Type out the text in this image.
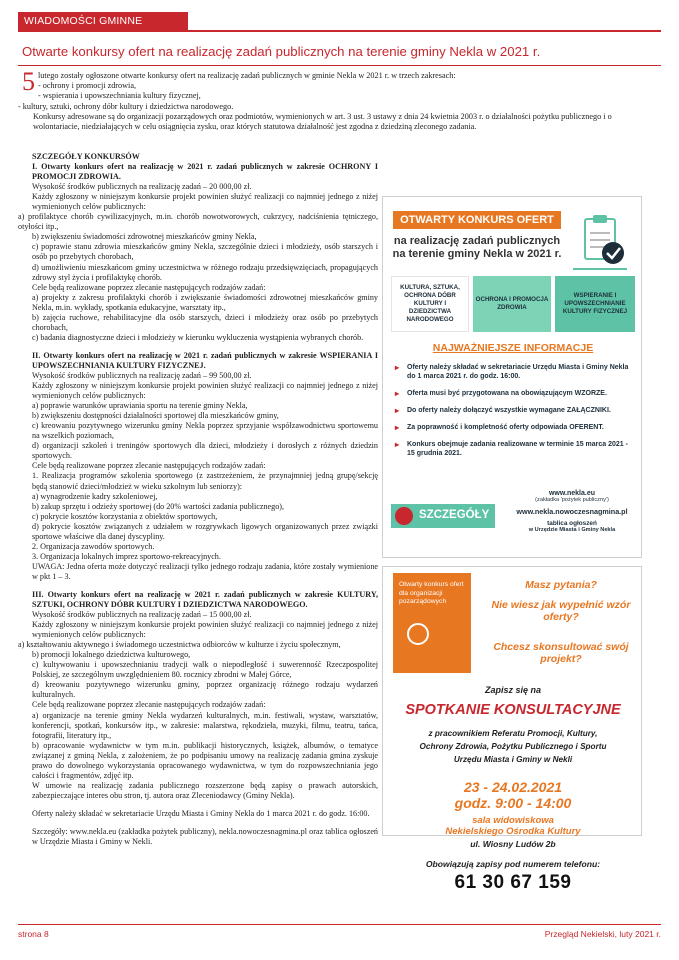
WIADOMOŚCI GMINNE
Otwarte konkursy ofert na realizację zadań publicznych na terenie gminy Nekla w 2021 r.
5 lutego zostały ogłoszone otwarte konkursy ofert na realizację zadań publicznych w gminie Nekla w 2021 r. w trzech zakresach:
- ochrony i promocji zdrowia,
- wspierania i upowszechniania kultury fizycznej,
- kultury, sztuki, ochrony dóbr kultury i dziedzictwa narodowego.
Konkursy adresowane są do organizacji pozarządowych oraz podmiotów, wymienionych w art. 3 ust. 3 ustawy z dnia 24 kwietnia 2003 r. o działalności pożytku publicznego i o wolontariacie, niedziałających w celu osiągnięcia zysku, oraz których statutowa działalność jest zgodna z dziedziną zleconego zadania.
SZCZEGÓŁY KONKURSÓW
I. Otwarty konkurs ofert na realizację w 2021 r. zadań publicznych w zakresie OCHRONY I PROMOCJI ZDROWIA.
Wysokość środków publicznych na realizację zadań – 20 000,00 zł.
Każdy zgłoszony w niniejszym konkursie projekt powinien służyć realizacji co najmniej jednego z niżej wymienionych celów publicznych:
a) profilaktyce chorób cywilizacyjnych, m.in. chorób nowotworowych, cukrzycy, nadciśnienia tętniczego, otyłości itp.,
b) zwiększeniu świadomości zdrowotnej mieszkańców gminy Nekla,
c) poprawie stanu zdrowia mieszkańców gminy Nekla, szczególnie dzieci i młodzieży, osób starszych i osób po przebytych chorobach,
d) umożliwieniu mieszkańcom gminy uczestnictwa w różnego rodzaju przedsięwzięciach, propagujących zdrowy styl życia i profilaktykę chorób.
Cele będą realizowane poprzez zlecanie następujących rodzajów zadań:
a) projekty z zakresu profilaktyki chorób i zwiększanie świadomości zdrowotnej mieszkańców gminy Nekla, m.in. wykłady, spotkania edukacyjne, warsztaty itp.,
b) zajęcia ruchowe, rehabilitacyjne dla osób starszych, dzieci i młodzieży oraz osób po przebytych chorobach,
c) badania diagnostyczne dzieci i młodzieży w kierunku wykluczenia wystąpienia wybranych chorób.
II. Otwarty konkurs ofert na realizację w 2021 r. zadań publicznych w zakresie WSPIERANIA I UPOWSZECHNIANIA KULTURY FIZYCZNEJ.
Wysokość środków publicznych na realizację zadań – 99 500,00 zł.
Każdy zgłoszony w niniejszym konkursie projekt powinien służyć realizacji co najmniej jednego z niżej wymienionych celów publicznych:
a) poprawie warunków uprawiania sportu na terenie gminy Nekla,
b) zwiększeniu dostępności działalności sportowej dla mieszkańców gminy,
c) kreowaniu pozytywnego wizerunku gminy Nekla poprzez sprzyjanie współzawodnictwu sportowemu na wszelkich poziomach,
d) organizacji szkoleń i treningów sportowych dla dzieci, młodzieży i dorosłych z różnych dziedzin sportowych.
Cele będą realizowane poprzez zlecanie następujących rodzajów zadań:
1. Realizacja programów szkolenia sportowego (z zastrzeżeniem, że przynajmniej jedną grupę/sekcję będą stanowić dzieci/młodzież w wieku szkolnym lub seniorzy):
a) wynagrodzenie kadry szkoleniowej,
b) zakup sprzętu i odzieży sportowej (do 20% wartości zadania publicznego),
c) pokrycie kosztów korzystania z obiektów sportowych,
d) pokrycie kosztów związanych z udziałem w rozgrywkach ligowych organizowanych przez związki sportowe właściwe dla danej dyscypliny.
2. Organizacja zawodów sportowych.
3. Organizacja lokalnych imprez sportowo-rekreacyjnych.
UWAGA: Jedna oferta może dotyczyć realizacji tylko jednego rodzaju zadania, które zostały wymienione w pkt 1 – 3.
III. Otwarty konkurs ofert na realizację w 2021 r. zadań publicznych w zakresie KULTURY, SZTUKI, OCHRONY DÓBR KULTURY I DZIEDZICTWA NARODOWEGO.
Wysokość środków publicznych na realizację zadań – 15 000,00 zł.
Każdy zgłoszony w niniejszym konkursie projekt powinien służyć realizacji co najmniej jednego z niżej wymienionych celów publicznych:
a) kształtowaniu aktywnego i świadomego uczestnictwa odbiorców w kulturze i życiu społecznym,
b) promocji lokalnego dziedzictwa kulturowego,
c) kultywowaniu i upowszechnianiu tradycji walk o niepodległość i suwerenność Rzeczpospolitej Polskiej, ze szczególnym uwzględnieniem 80. rocznicy zbrodni w Małej Górce,
d) kreowaniu pozytywnego wizerunku gminy, poprzez organizację różnego rodzaju wydarzeń kulturalnych.
Cele będą realizowane poprzez zlecanie następujących rodzajów zadań:
a) organizacje na terenie gminy Nekla wydarzeń kulturalnych, m.in. festiwali, wystaw, warsztatów, konferencji, spotkań, konkursów itp., w zakresie: malarstwa, rękodzieła, muzyki, filmu, teatru, tańca, fotografii, literatury itp.,
b) opracowanie wydawnictw w tym m.in. publikacji historycznych, książek, albumów, o tematyce związanej z gminą Nekla, z założeniem, że po podpisaniu umowy na realizację zadania gmina zyskuje prawo do dowolnego wykorzystania opracowanego wydawnictwa, w tym do rozpowszechniania jego całości i fragmentów, zdjęć itp.
W umowie na realizację zadania publicznego rozszerzone będą zapisy o prawach autorskich, zabezpieczające interes obu stron, tj. autora oraz Zleceniodawcy (Gminy Nekla).
Oferty należy składać w sekretariacie Urzędu Miasta i Gminy Nekla do 1 marca 2021 r. do godz. 16:00.
Szczegóły: www.nekla.eu (zakładka pożytek publiczny), nekla.nowoczesnagmina.pl oraz tablica ogłoszeń w Urzędzie Miasta i Gminy w Nekli.
OTWARTY KONKURS OFERT
na realizację zadań publicznych
na terenie gminy Nekla w 2021 r.
KULTURA, SZTUKA, OCHRONA DÓBR KULTURY I DZIEDZICTWA NARODOWEGO
OCHRONA I PROMOCJA ZDROWIA
WSPIERANIE I UPOWSZECHNIANIE KULTURY FIZYCZNEJ
NAJWAŻNIEJSZE INFORMACJE
▸ Oferty należy składać w sekretariacie Urzędu Miasta i Gminy Nekla do 1 marca 2021 r. do godz. 16:00.
▸ Oferta musi być przygotowana na obowiązującym WZORZE.
▸ Do oferty należy dołączyć wszystkie wymagane ZAŁĄCZNIKI.
▸ Za poprawność i kompletność oferty odpowiada OFERENT.
▸ Konkurs obejmuje zadania realizowane w terminie 15 marca 2021 - 15 grudnia 2021.
SZCZEGÓŁY
www.nekla.eu
(zakładka 'pożytek publiczny')
www.nekla.nowoczesnagmina.pl
tablica ogłoszeń
w Urzędzie Miasta i Gminy Nekla
Otwarty konkurs ofert dla organizacji pozarządowych
Masz pytania?
Nie wiesz jak wypełnić wzór oferty?
Chcesz skonsultować swój projekt?
Zapisz się na
SPOTKANIE KONSULTACYJNE
z pracownikiem Referatu Promocji, Kultury,
Ochrony Zdrowia, Pożytku Publicznego i Sportu
Urzędu Miasta i Gminy w Nekli
23 - 24.02.2021
godz. 9:00 - 14:00
sala widowiskowa
Nekielskiego Ośrodka Kultury
ul. Wiosny Ludów 2b
Obowiązują zapisy pod numerem telefonu:
61 30 67 159
strona 8	Przegląd Nekielski, luty 2021 r.
